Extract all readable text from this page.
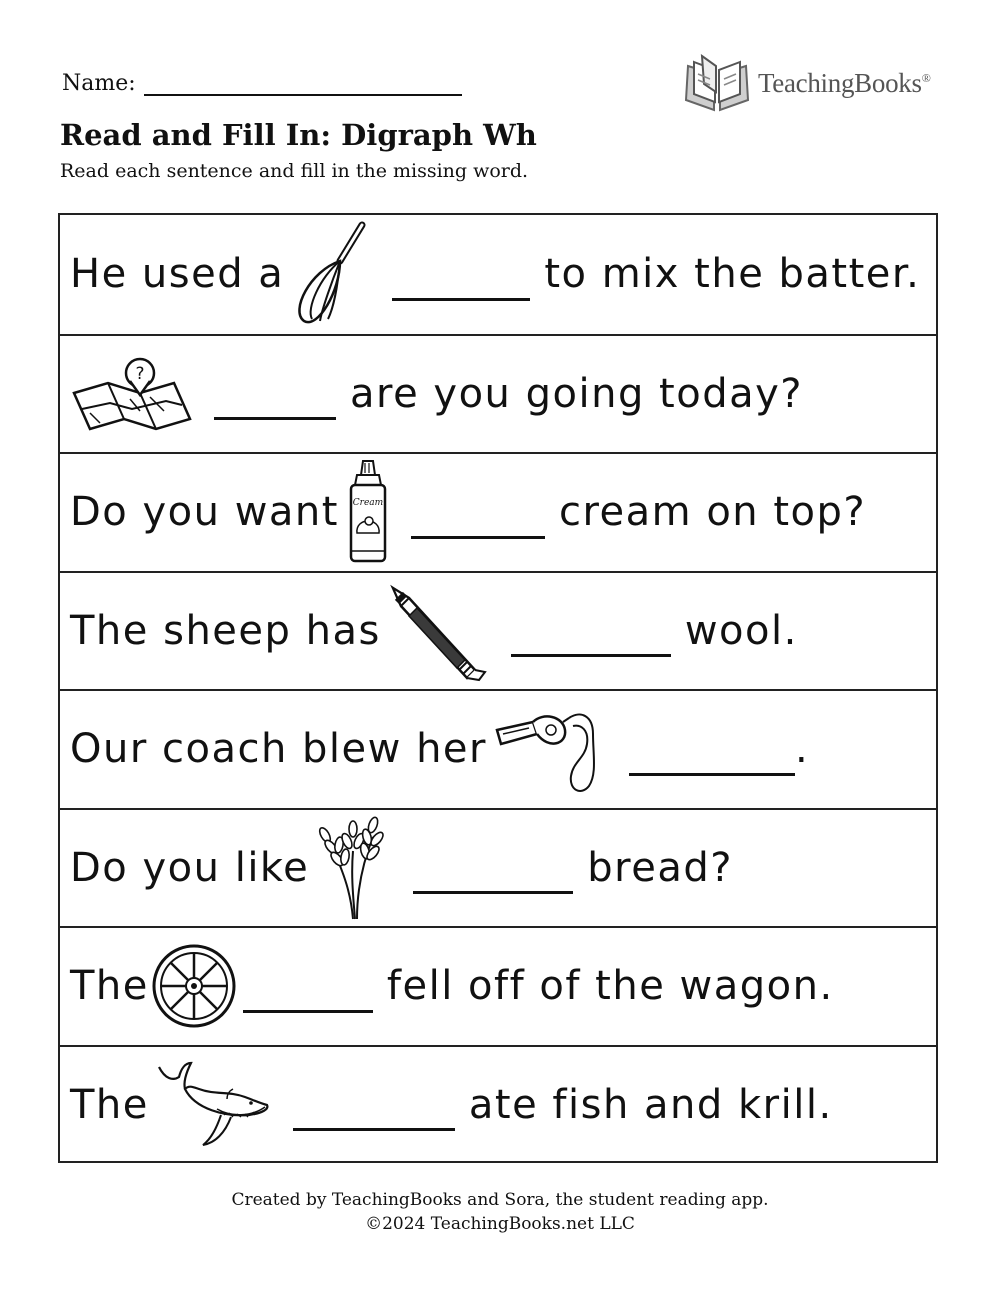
Name:	TeachingBooks®
Read and Fill In: Digraph Wh

Read each sentence and fill in the missing word.

He used a	to mix the batter.
?	are you going today?
Do you want Cream	cream on top?
The sheep has	wool.
Our coach blew her	.
Do you like	bread?
The	fell off of the wagon.
The	ate fish and krill.
Created by TeachingBooks and Sora, the student reading app.
©2024 TeachingBooks.net LLC
